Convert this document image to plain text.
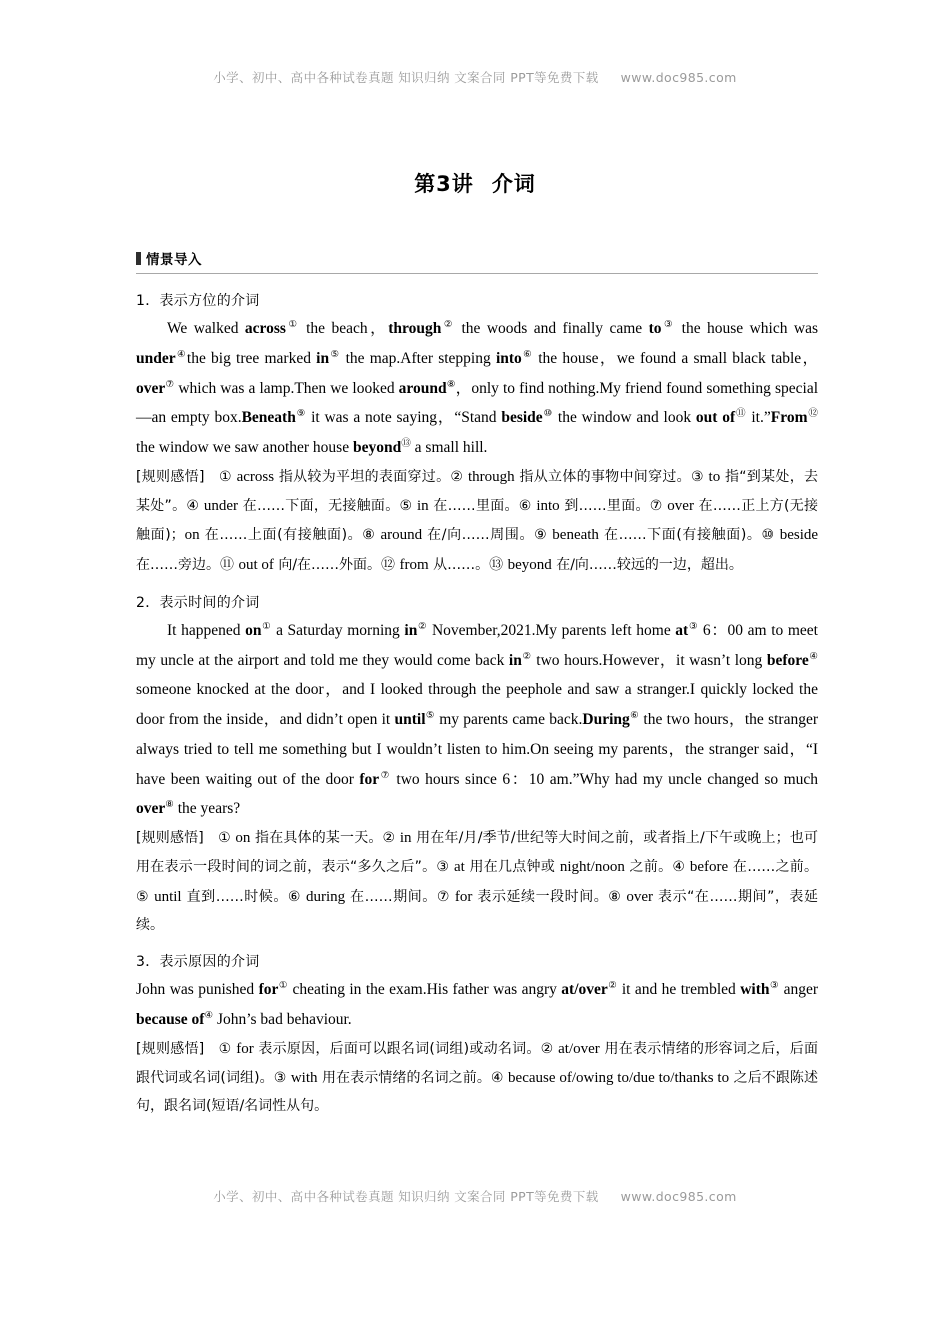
小学、初中、高中各种试卷真题 知识归纳 文案合同 PPT等免费下载 www.doc985.com
第3讲 介词
情景导入
1．表示方位的介词

We walked across① the beach，through② the woods and finally came to③ the house which was under④the big tree marked in⑤ the map.After stepping into⑥ the house，we found a small black table，over⑦ which was a lamp.Then we looked around⑧，only to find nothing.My friend found something special—an empty box.Beneath⑨ it was a note saying，“Stand beside⑩ the window and look out of⑪ it.”From⑫ the window we saw another house beyond⑬ a small hill.

[规则感悟]　① across 指从较为平坦的表面穿过。② through 指从立体的事物中间穿过。③ to 指“到某处，去某处”。④ under 在……下面，无接触面。⑤ in 在……里面。⑥ into 到……里面。⑦ over 在……正上方(无接触面)；on 在……上面(有接触面)。⑧ around 在/向……周围。⑨ beneath 在……下面(有接触面)。⑩ beside 在……旁边。⑪ out of 向/在……外面。⑫ from 从……。⑬ beyond 在/向……较远的一边，超出。

2．表示时间的介词

It happened on① a Saturday morning in② November,2021.My parents left home at③ 6：00 am to meet my uncle at the airport and told me they would come back in② two hours.However，it wasn’t long before④ someone knocked at the door，and I looked through the peephole and saw a stranger.I quickly locked the door from the inside，and didn’t open it until⑤ my parents came back.During⑥ the two hours，the stranger always tried to tell me something but I wouldn’t listen to him.On seeing my parents，the stranger said，“I have been waiting out of the door for⑦ two hours since 6：10 am.”Why had my uncle changed so much over⑧ the years?

[规则感悟]　① on 指在具体的某一天。② in 用在年/月/季节/世纪等大时间之前，或者指上/下午或晚上；也可用在表示一段时间的词之前，表示“多久之后”。③ at 用在几点钟或 night/noon 之前。④ before 在……之前。⑤ until 直到……时候。⑥ during 在……期间。⑦ for 表示延续一段时间。⑧ over 表示“在……期间”，表延续。

3．表示原因的介词

John was punished for① cheating in the exam.His father was angry at/over② it and he trembled with③ anger because of④ John’s bad behaviour.

[规则感悟]　① for 表示原因，后面可以跟名词(词组)或动名词。② at/over 用在表示情绪的形容词之后，后面跟代词或名词(词组)。③ with 用在表示情绪的名词之前。④ because of/owing to/due to/thanks to 之后不跟陈述句，跟名词(短语/名词性从句。

小学、初中、高中各种试卷真题 知识归纳 文案合同 PPT等免费下载 www.doc985.com
